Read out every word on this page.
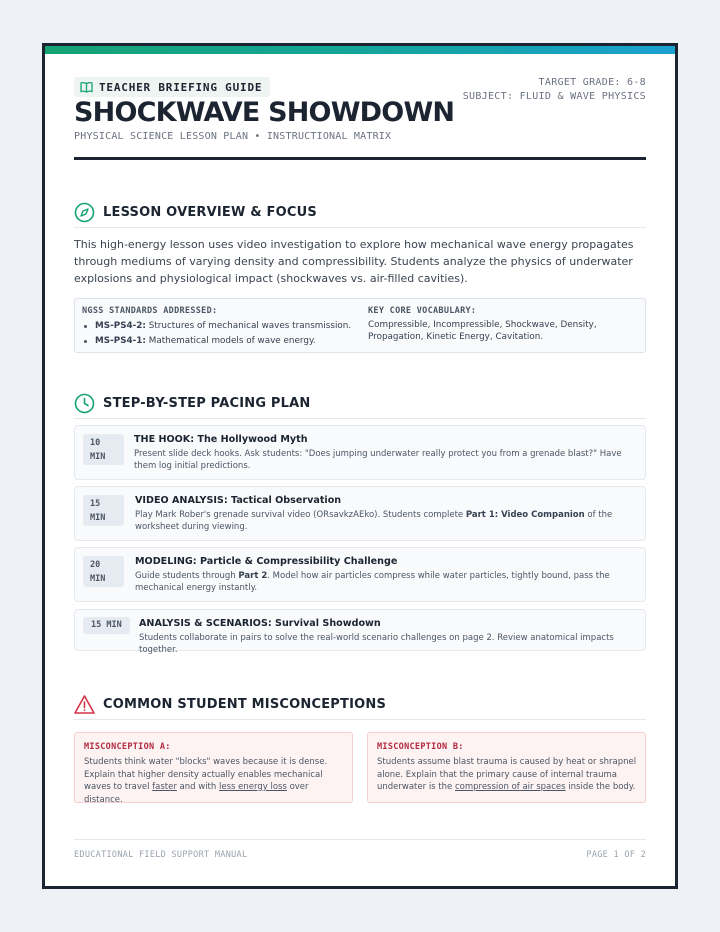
TEACHER BRIEFING GUIDE	TARGET GRADE: 6-8
SUBJECT: FLUID & WAVE PHYSICS
SHOCKWAVE SHOWDOWN
PHYSICAL SCIENCE LESSON PLAN • INSTRUCTIONAL MATRIX
LESSON OVERVIEW & FOCUS

This high-energy lesson uses video investigation to explore how mechanical wave energy propagates through mediums of varying density and compressibility. Students analyze the physics of underwater explosions and physiological impact (shockwaves vs. air-filled cavities).

NGSS STANDARDS ADDRESSED:
MS-PS4-2: Structures of mechanical waves transmission.
MS-PS4-1: Mathematical models of wave energy.
KEY CORE VOCABULARY:
Compressible, Incompressible, Shockwave, Density, Propagation, Kinetic Energy, Cavitation.
STEP-BY-STEP PACING PLAN
10
MIN
THE HOOK: The Hollywood Myth
Present slide deck hooks. Ask students: "Does jumping underwater really protect you from a grenade blast?" Have them log initial predictions.
15
MIN
VIDEO ANALYSIS: Tactical Observation
Play Mark Rober's grenade survival video (ORsavkzAEko). Students complete Part 1: Video Companion of the worksheet during viewing.
20
MIN
MODELING: Particle & Compressibility Challenge
Guide students through Part 2. Model how air particles compress while water particles, tightly bound, pass the mechanical energy instantly.
15 MIN	ANALYSIS & SCENARIOS: Survival Showdown
Students collaborate in pairs to solve the real-world scenario challenges on page 2. Review anatomical impacts together.
COMMON STUDENT MISCONCEPTIONS
MISCONCEPTION A:
Students think water "blocks" waves because it is dense. Explain that higher density actually enables mechanical waves to travel faster and with less energy loss over distance.
MISCONCEPTION B:
Students assume blast trauma is caused by heat or shrapnel alone. Explain that the primary cause of internal trauma underwater is the compression of air spaces inside the body.
EDUCATIONAL FIELD SUPPORT MANUAL	PAGE 1 OF 2
